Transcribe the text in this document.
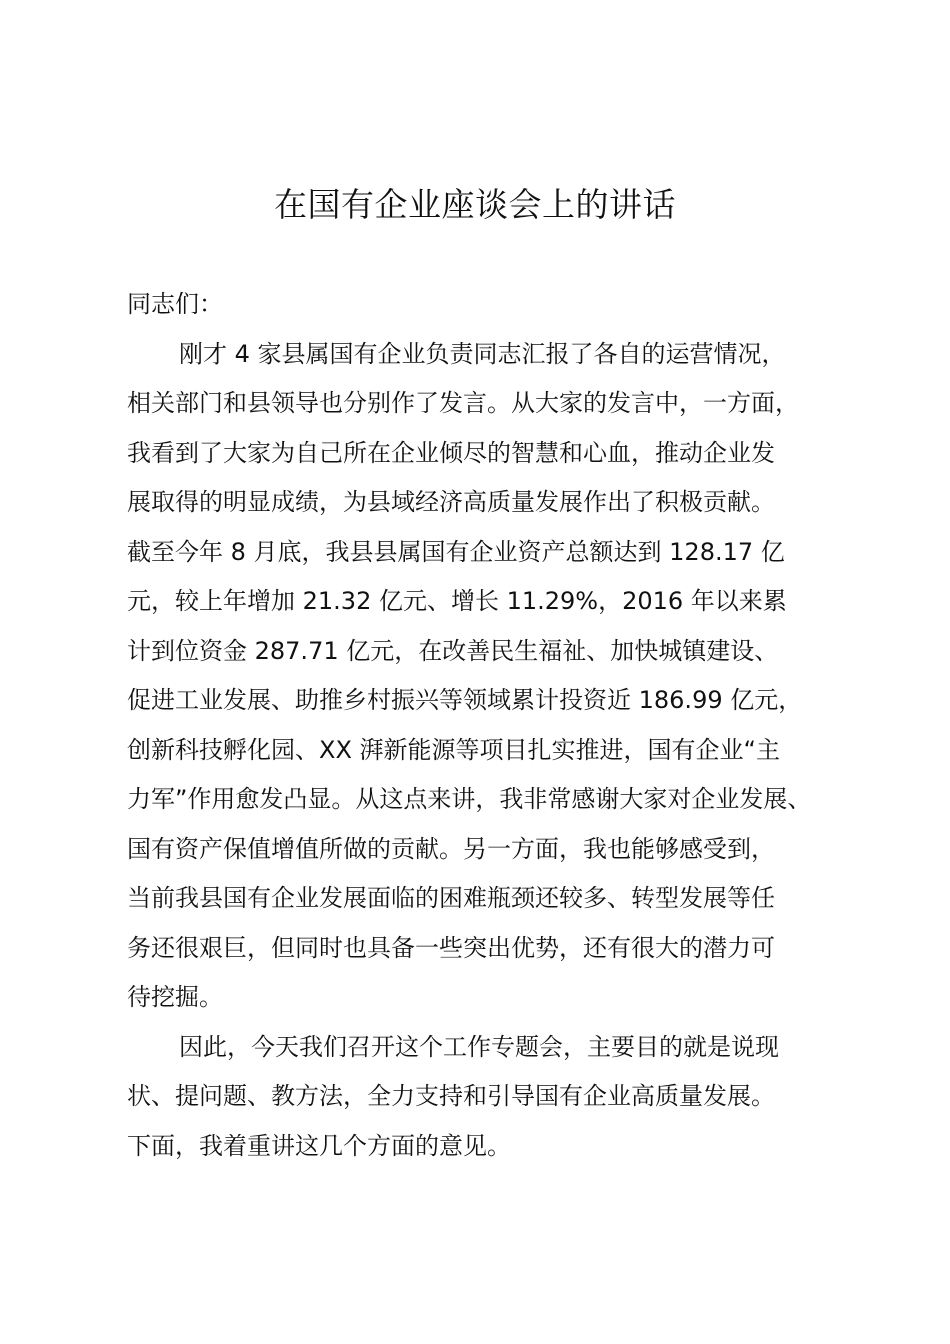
在国有企业座谈会上的讲话
同志们：
刚才 4 家县属国有企业负责同志汇报了各自的运营情况，
相关部门和县领导也分别作了发言。从大家的发言中，一方面，
我看到了大家为自己所在企业倾尽的智慧和心血，推动企业发
展取得的明显成绩，为县域经济高质量发展作出了积极贡献。
截至今年 8 月底，我县县属国有企业资产总额达到 128.17 亿
元，较上年增加 21.32 亿元、增长 11.29%，2016 年以来累
计到位资金 287.71 亿元，在改善民生福祉、加快城镇建设、
促进工业发展、助推乡村振兴等领域累计投资近 186.99 亿元，
创新科技孵化园、XX 湃新能源等项目扎实推进，国有企业“主
力军”作用愈发凸显。从这点来讲，我非常感谢大家对企业发展、
国有资产保值增值所做的贡献。另一方面，我也能够感受到，
当前我县国有企业发展面临的困难瓶颈还较多、转型发展等任
务还很艰巨，但同时也具备一些突出优势，还有很大的潜力可
待挖掘。
因此，今天我们召开这个工作专题会，主要目的就是说现
状、提问题、教方法，全力支持和引导国有企业高质量发展。
下面，我着重讲这几个方面的意见。
